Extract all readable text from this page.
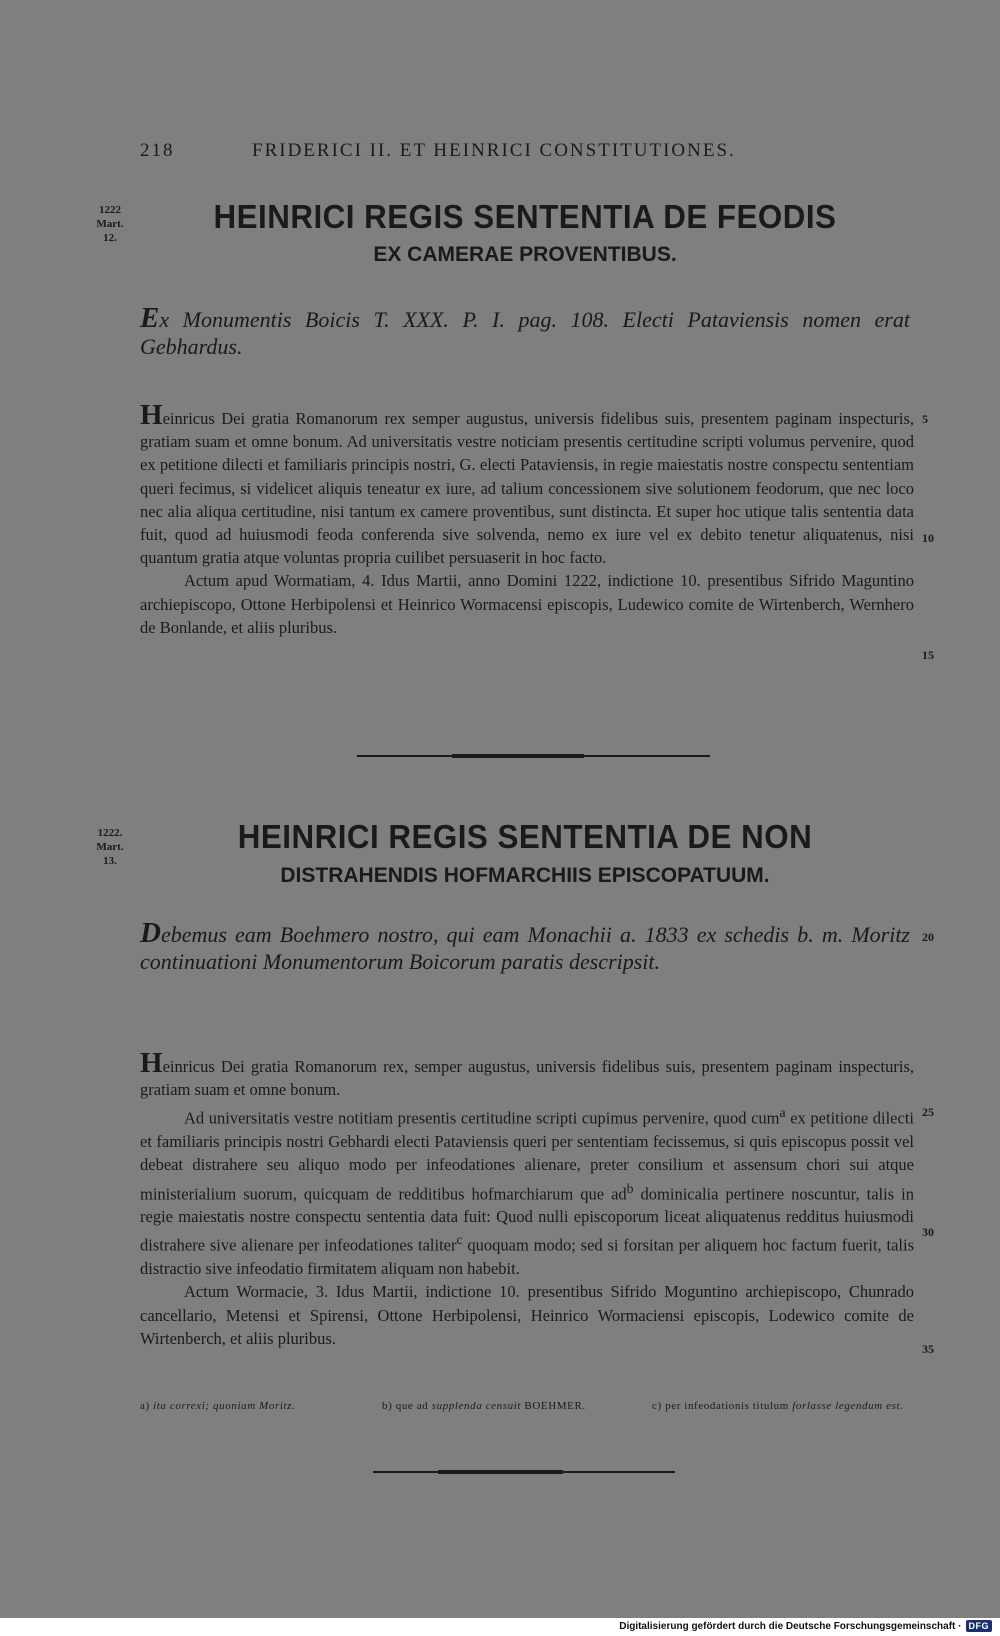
218	FRIDERICI II. ET HEINRICI CONSTITUTIONES.
1222
Mart.
12.
HEINRICI REGIS SENTENTIA DE FEODIS
EX CAMERAE PROVENTIBUS.
Ex Monumentis Boicis T. XXX. P. I. pag. 108. Electi Pataviensis nomen erat Gebhardus.

Heinricus Dei gratia Romanorum rex semper augustus, universis fidelibus suis, presentem paginam inspecturis, gratiam suam et omne bonum. Ad universitatis vestre noticiam presentis certitudine scripti volumus pervenire, quod ex petitione dilecti et familiaris principis nostri, G. electi Pataviensis, in regie maiestatis nostre conspectu sententiam queri fecimus, si videlicet aliquis teneatur ex iure, ad talium concessionem sive solutionem feodorum, que nec loco nec alia aliqua certitudine, nisi tantum ex camere proventibus, sunt distincta. Et super hoc utique talis sententia data fuit, quod ad huiusmodi feoda conferenda sive solvenda, nemo ex iure vel ex debito tenetur aliquatenus, nisi quantum gratia atque voluntas propria cuilibet persuaserit in hoc facto.

Actum apud Wormatiam, 4. Idus Martii, anno Domini 1222, indictione 10. presentibus Sifrido Maguntino archiepiscopo, Ottone Herbipolensi et Heinrico Wormacensi episcopis, Ludewico comite de Wirtenberch, Wernhero de Bonlande, et aliis pluribus.

5
10
15
1222.
Mart.
13.
HEINRICI REGIS SENTENTIA DE NON
DISTRAHENDIS HOFMARCHIIS EPISCOPATUUM.
Debemus eam Boehmero nostro, qui eam Monachii a. 1833 ex schedis b. m. Moritz continuationi Monumentorum Boicorum paratis descripsit.

Heinricus Dei gratia Romanorum rex, semper augustus, universis fidelibus suis, presentem paginam inspecturis, gratiam suam et omne bonum.

Ad universitatis vestre notitiam presentis certitudine scripti cupimus pervenire, quod cum$^a$ ex petitione dilecti et familiaris principis nostri Gebhardi electi Pataviensis queri per sententiam fecissemus, si quis episcopus possit vel debeat distrahere seu aliquo modo per infeodationes alienare, preter consilium et assensum chori sui atque ministerialium suorum, quicquam de redditibus hofmarchiarum que $ad^b$ dominicalia pertinere noscuntur, talis in regie maiestatis nostre conspectu sententia data fuit: Quod nulli episcoporum liceat aliquatenus redditus huiusmodi distrahere sive alienare per infeodationes taliter$^c$ quoquam modo; sed si forsitan per aliquem hoc factum fuerit, talis distractio sive infeodatio firmitatem aliquam non habebit.

Actum Wormacie, 3. Idus Martii, indictione 10. presentibus Sifrido Moguntino archiepiscopo, Chunrado cancellario, Metensi et Spirensi, Ottone Herbipolensi, Heinrico Wormaciensi episcopis, Lodewico comite de Wirtenberch, et aliis pluribus.

20
25
30
35
a) ita correxi; quoniam Moritz.	b) que ad supplenda censuit BOEHMER.	c) per infeodationis titulum forlasse legendum est.
Digitalisierung gefördert durch die Deutsche Forschungsgemeinschaft · DFG
